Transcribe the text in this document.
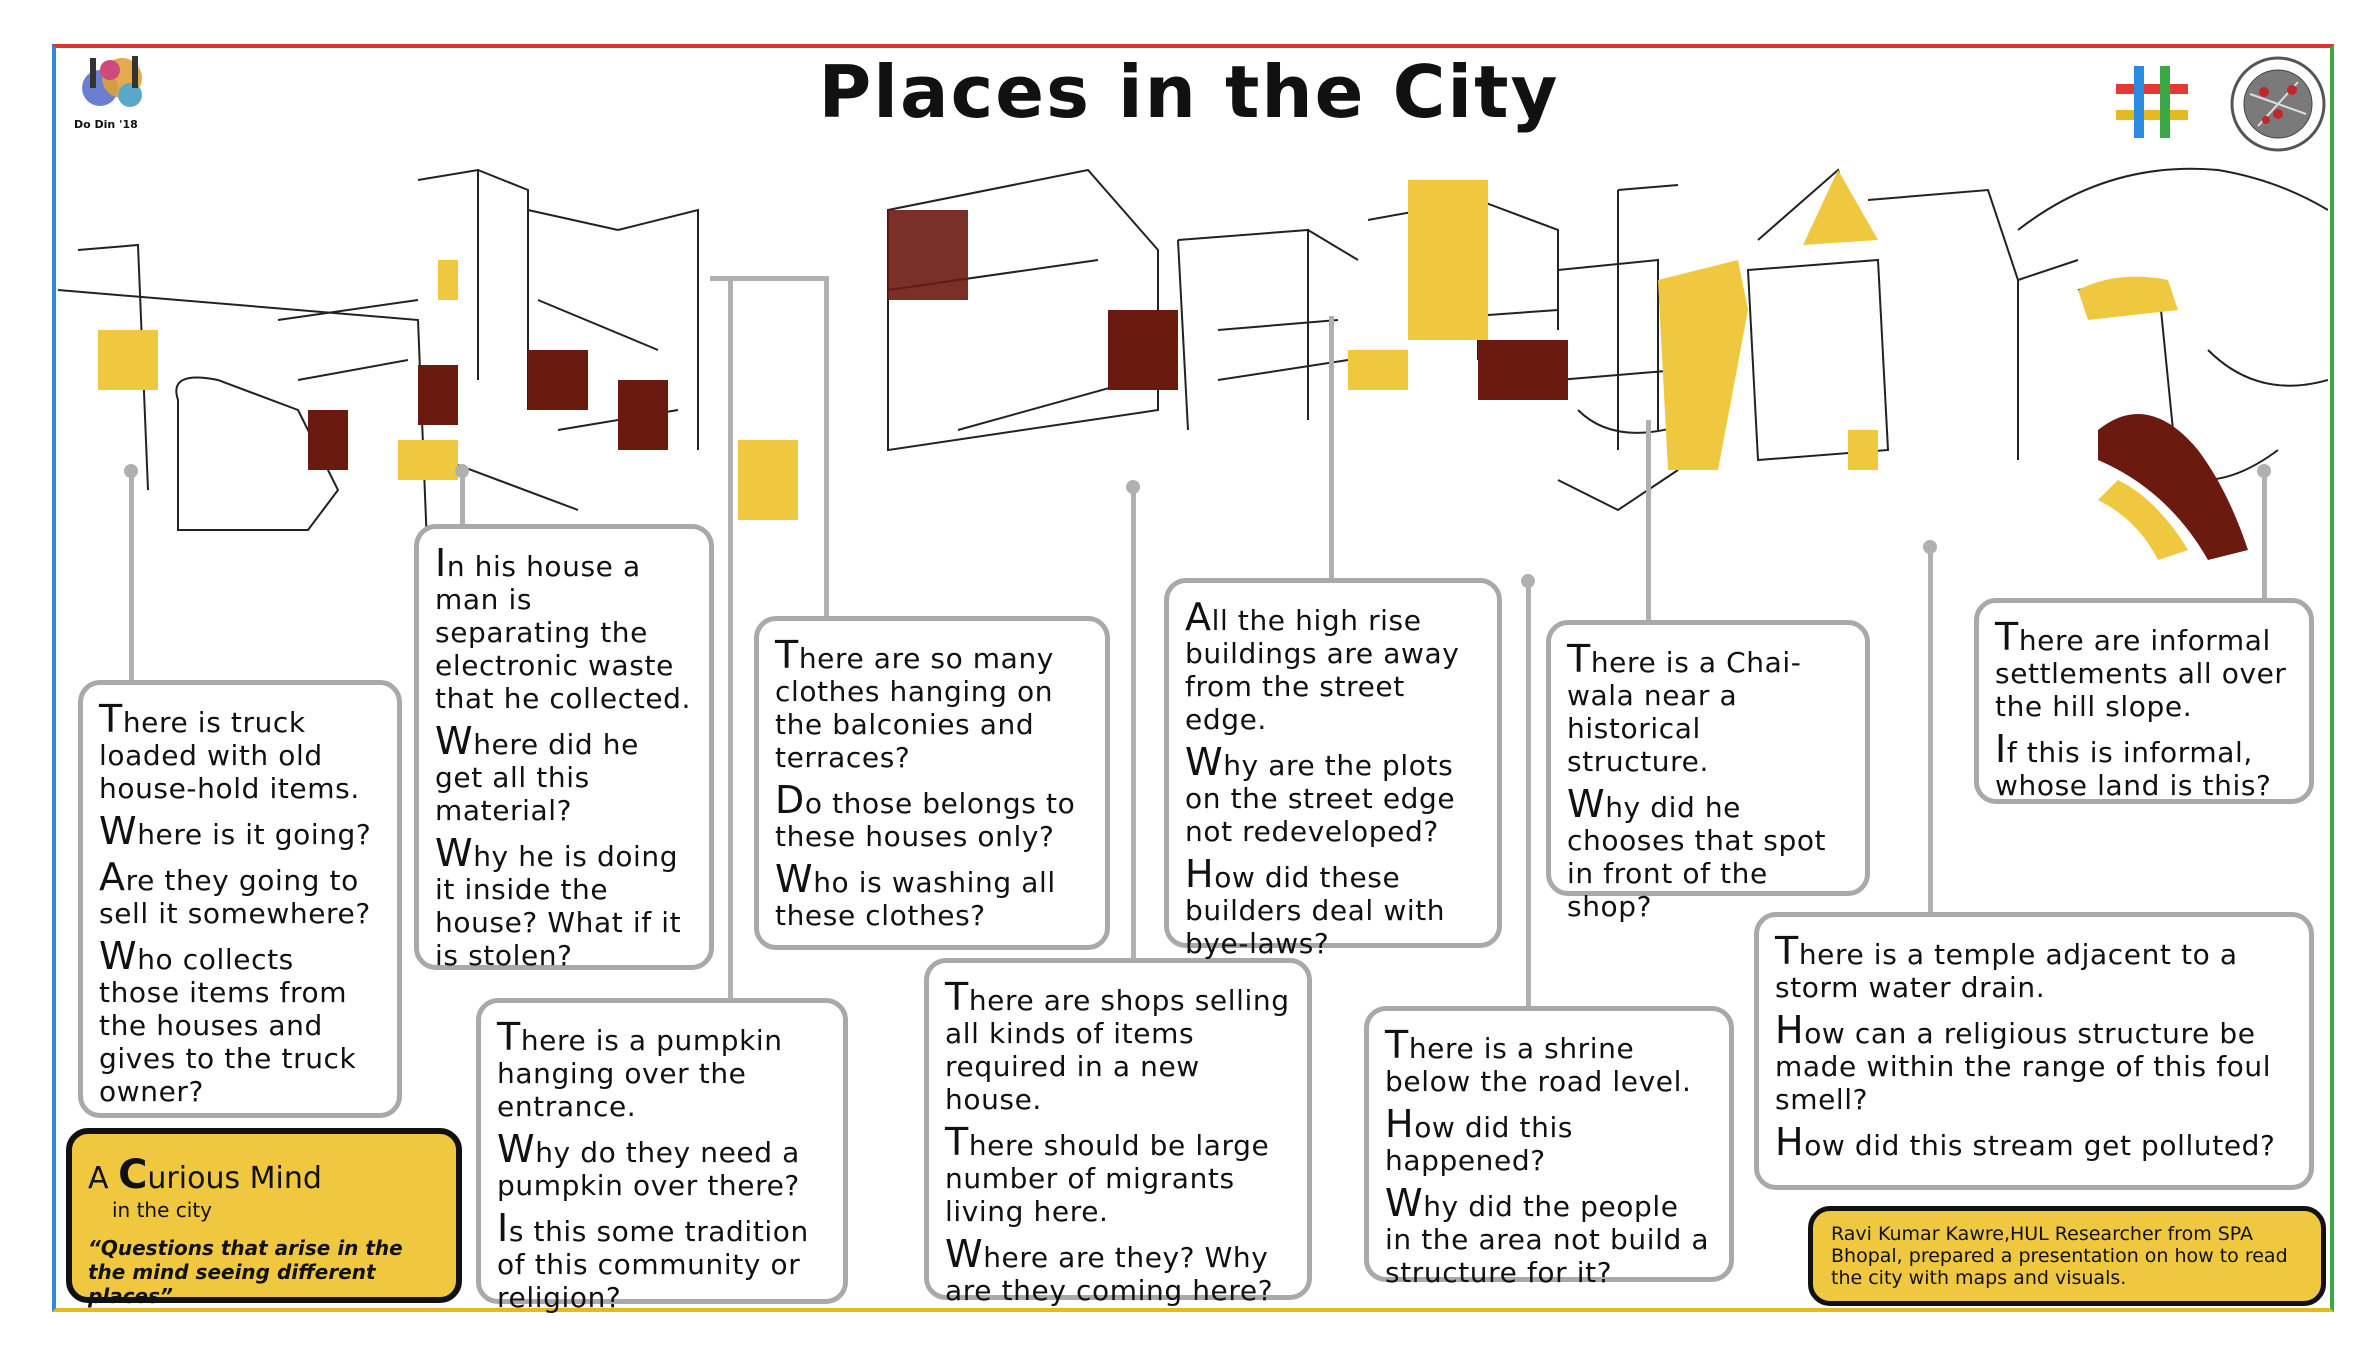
Do Din '18	Places in the City

There is truck loaded with old house-hold items.

Where is it going?

Are they going to sell it somewhere?

Who collects those items from the houses and gives to the truck owner?

In his house a man is separating the electronic waste that he collected.

Where did he get all this material?

Why he is doing it inside the house? What if it is stolen?

There is a pumpkin hanging over the entrance.

Why do they need a pumpkin over there?

Is this some tradition of this community or religion?

There are so many clothes hanging on the balconies and terraces?

Do those belongs to these houses only?

Who is washing all these clothes?

There are shops selling all kinds of items required in a new house.

There should be large number of migrants living here.

Where are they? Why are they coming here?

All the high rise buildings are away from the street edge.

Why are the plots on the street edge not redeveloped?

How did these builders deal with bye-laws?

There is a shrine below the road level.

How did this happened?

Why did the people in the area not build a structure for it?

There is a Chai-wala near a historical structure.

Why did he chooses that spot in front of the shop?

There is a temple adjacent to a storm water drain.

How can a religious structure be made within the range of this foul smell?

How did this stream get polluted?

There are informal settlements all over the hill slope.

If this is informal, whose land is this?

A Curious Mind
in the city
“Questions that arise in the the mind seeing different places”
Ravi Kumar Kawre,HUL Researcher from SPA Bhopal, prepared a presentation on how to read the city with maps and visuals.
